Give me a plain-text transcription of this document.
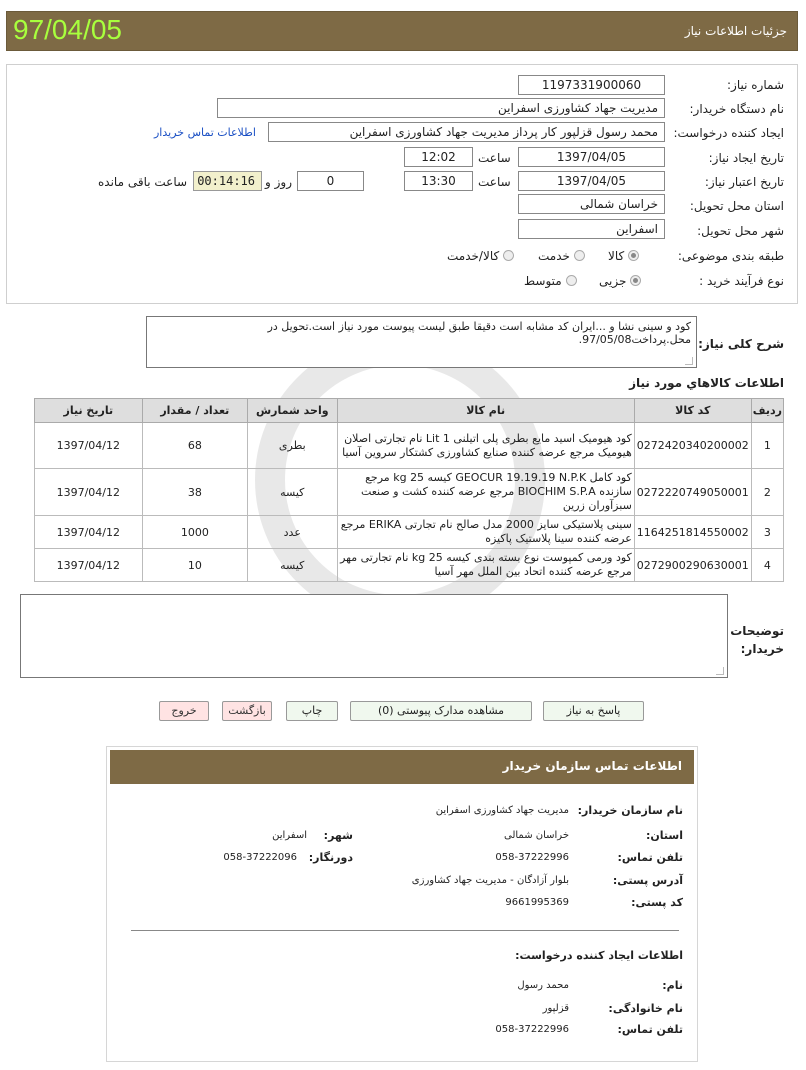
97/04/05	جزئیات اطلاعات نیاز
شماره نیاز:
1197331900060
نام دستگاه خریدار:
مدیریت جهاد کشاورزی اسفراین
ایجاد کننده درخواست:
محمد رسول قزلپور کار پرداز مدیریت جهاد کشاورزی اسفراین
اطلاعات تماس خریدار
تاریخ ایجاد نیاز:
1397/04/05
ساعت
12:02
تاریخ اعتبار نیاز:
1397/04/05
ساعت
13:30
0
روز و
00:14:16
ساعت باقی مانده
استان محل تحویل:
خراسان شمالی
شهر محل تحویل:
اسفراین
طبقه بندی موضوعی:
کالا
خدمت
کالا/خدمت
نوع فرآیند خرید :
جزیی
متوسط
شرح کلی نیاز:
کود و سینی نشا و ...ایران کد مشابه است دقیقا طبق لیست پیوست مورد نیاز است.تحویل در محل.پرداخت97/05/08.
اطلاعات کالاهاي مورد نياز
ردیف	کد کالا	نام کالا	واحد شمارش	تعداد / مقدار	تاریخ نیاز
1	0272420340200002	کود هیومیک اسید مایع بطری پلی اتیلنی 1 Lit نام تجارتی اصلان هیومیک مرجع عرضه کننده صنایع کشاورزی کشتکار سروین آسیا	بطری	68	1397/04/12
2	0272220749050001	کود کامل GEOCUR 19.19.19 N.P.K کیسه 25 kg مرجع سازنده BIOCHIM S.P.A مرجع عرضه کننده کشت و صنعت سبزآوران زرین	کیسه	38	1397/04/12
3	1164251814550002	سینی پلاستیکی سایز 2000 مدل صالح نام تجارتی ERIKA مرجع عرضه کننده سینا پلاستیک پاکیزه	عدد	1000	1397/04/12
4	0272900290630001	کود ورمی کمپوست نوع بسته بندی کیسه 25 kg نام تجارتی مهر مرجع عرضه کننده اتحاد بین الملل مهر آسیا	کیسه	10	1397/04/12
توضیحات خریدار:
پاسخ به نیاز
مشاهده مدارک پیوستی (0)
چاپ
بازگشت
خروج
اطلاعات تماس سازمان خریدار
نام سازمان خریدار:
مدیریت جهاد کشاورزی اسفراین
استان:
خراسان شمالی
شهر:
اسفراین
تلفن تماس:
058-37222996
دورنگار:
058-37222096
آدرس پستی:
بلوار آزادگان - مدیریت جهاد کشاورزی
کد پستی:
9661995369
اطلاعات ایجاد کننده درخواست:
نام:
محمد رسول
نام خانوادگی:
قزلپور
تلفن تماس:
058-37222996
